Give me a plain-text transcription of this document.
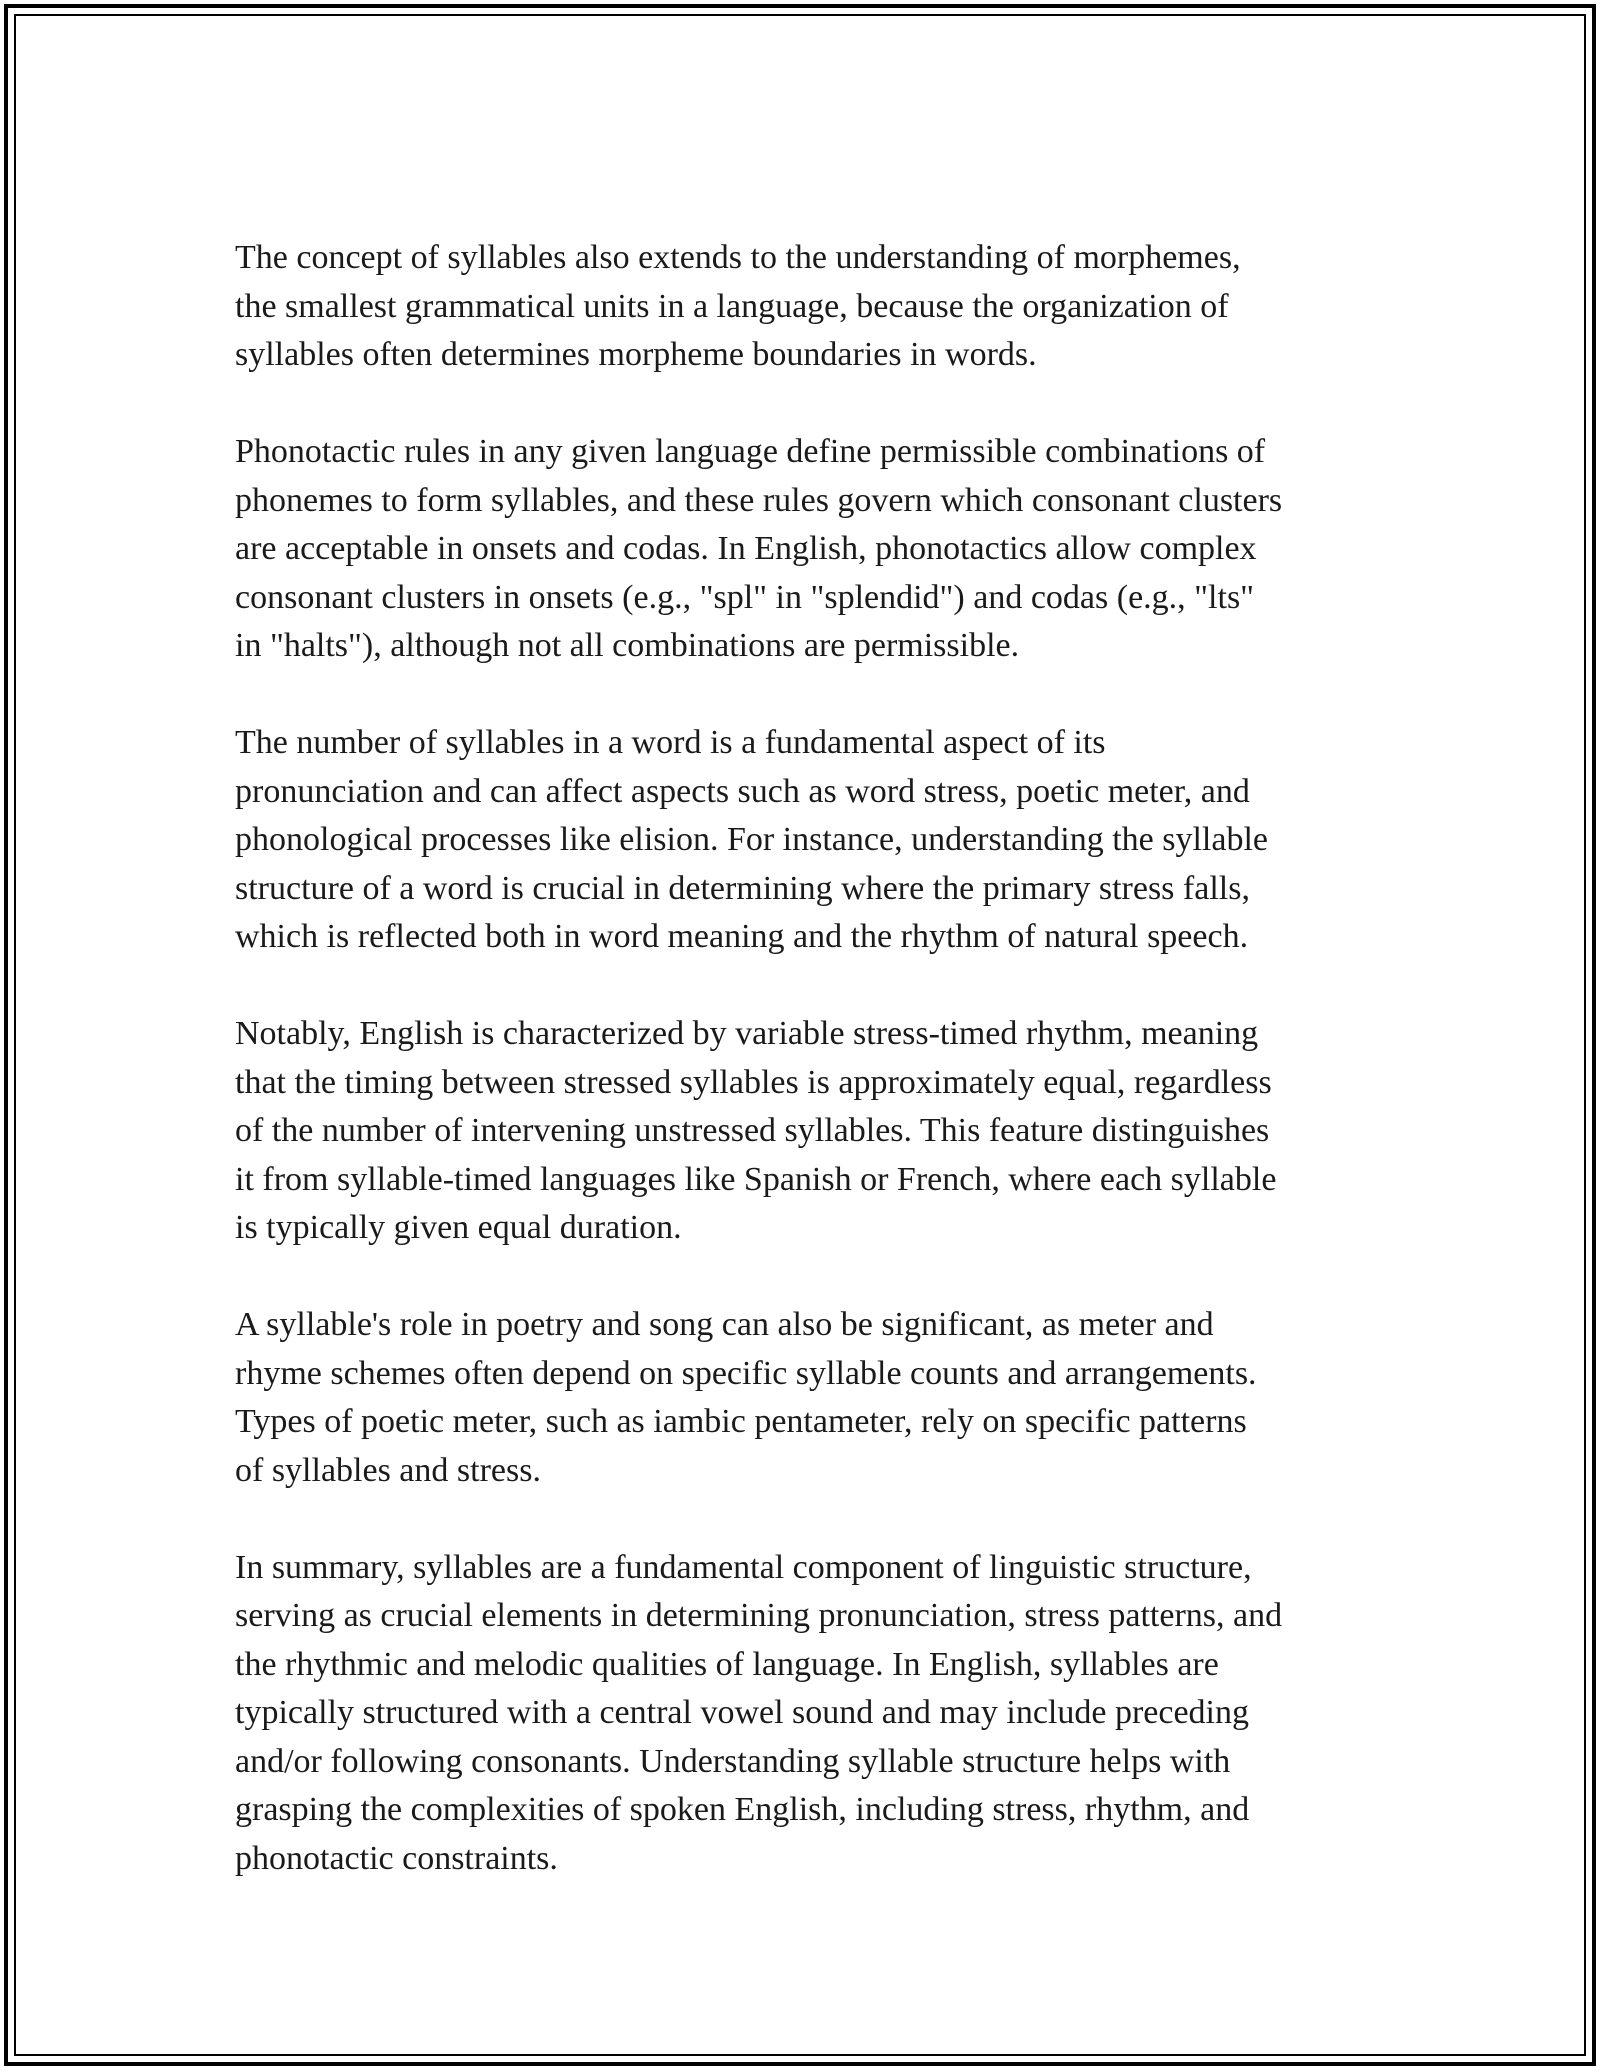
The concept of syllables also extends to the understanding of morphemes,
the smallest grammatical units in a language, because the organization of
syllables often determines morpheme boundaries in words.

Phonotactic rules in any given language define permissible combinations of
phonemes to form syllables, and these rules govern which consonant clusters
are acceptable in onsets and codas. In English, phonotactics allow complex
consonant clusters in onsets (e.g., "spl" in "splendid") and codas (e.g., "lts"
in "halts"), although not all combinations are permissible.

The number of syllables in a word is a fundamental aspect of its
pronunciation and can affect aspects such as word stress, poetic meter, and
phonological processes like elision. For instance, understanding the syllable
structure of a word is crucial in determining where the primary stress falls,
which is reflected both in word meaning and the rhythm of natural speech.

Notably, English is characterized by variable stress-timed rhythm, meaning
that the timing between stressed syllables is approximately equal, regardless
of the number of intervening unstressed syllables. This feature distinguishes
it from syllable-timed languages like Spanish or French, where each syllable
is typically given equal duration.

A syllable's role in poetry and song can also be significant, as meter and
rhyme schemes often depend on specific syllable counts and arrangements.
Types of poetic meter, such as iambic pentameter, rely on specific patterns
of syllables and stress.

In summary, syllables are a fundamental component of linguistic structure,
serving as crucial elements in determining pronunciation, stress patterns, and
the rhythmic and melodic qualities of language. In English, syllables are
typically structured with a central vowel sound and may include preceding
and/or following consonants. Understanding syllable structure helps with
grasping the complexities of spoken English, including stress, rhythm, and
phonotactic constraints.
